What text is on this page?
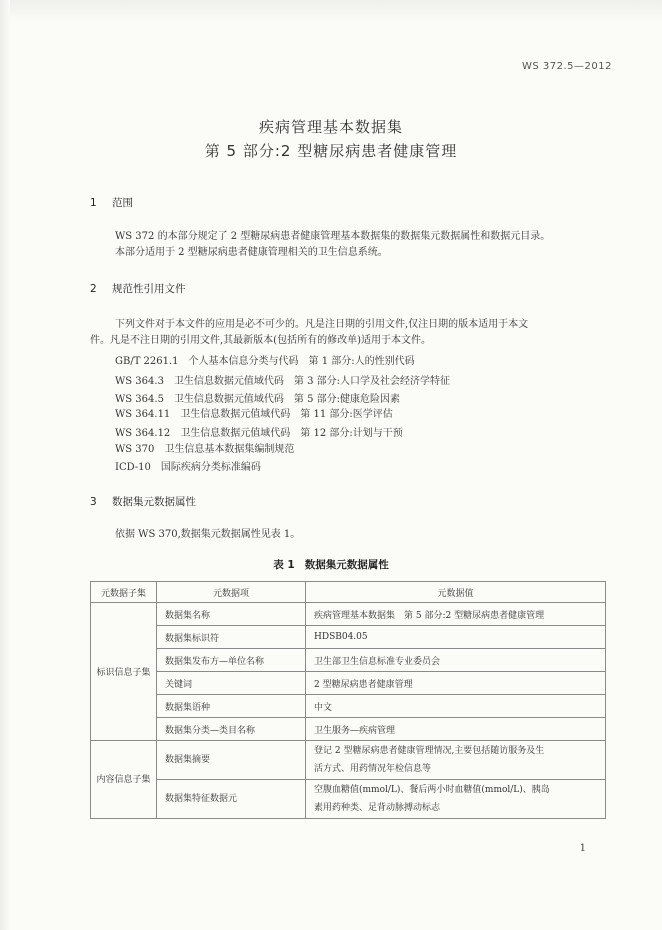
WS 372.5—2012
疾病管理基本数据集
第 5 部分:2 型糖尿病患者健康管理
1 范围
WS 372 的本部分规定了 2 型糖尿病患者健康管理基本数据集的数据集元数据属性和数据元目录。
本部分适用于 2 型糖尿病患者健康管理相关的卫生信息系统。
2 规范性引用文件
下列文件对于本文件的应用是必不可少的。凡是注日期的引用文件,仅注日期的版本适用于本文
件。凡是不注日期的引用文件,其最新版本(包括所有的修改单)适用于本文件。
GB/T 2261.1 个人基本信息分类与代码　第 1 部分:人的性别代码
WS 364.3 卫生信息数据元值域代码　第 3 部分:人口学及社会经济学特征
WS 364.5 卫生信息数据元值域代码　第 5 部分:健康危险因素
WS 364.11 卫生信息数据元值域代码　第 11 部分:医学评估
WS 364.12 卫生信息数据元值域代码　第 12 部分:计划与干预
WS 370 卫生信息基本数据集编制规范
ICD-10 国际疾病分类标准编码
3 数据集元数据属性
依据 WS 370,数据集元数据属性见表 1。
表 1 数据集元数据属性
元数据子集	元数据项	元数据值
标识信息子集	数据集名称	疾病管理基本数据集　第 5 部分:2 型糖尿病患者健康管理
	数据集标识符	HDSB04.05
	数据集发布方—单位名称	卫生部卫生信息标准专业委员会
	关键词	2 型糖尿病患者健康管理
	数据集语种	中文
	数据集分类—类目名称	卫生服务—疾病管理
内容信息子集	数据集摘要	登记 2 型糖尿病患者健康管理情况,主要包括随访服务及生
活方式、用药情况年检信息等

	数据集特征数据元	空腹血糖值(mmol/L)、餐后两小时血糖值(mmol/L)、胰岛
素用药种类、足背动脉搏动标志
1
